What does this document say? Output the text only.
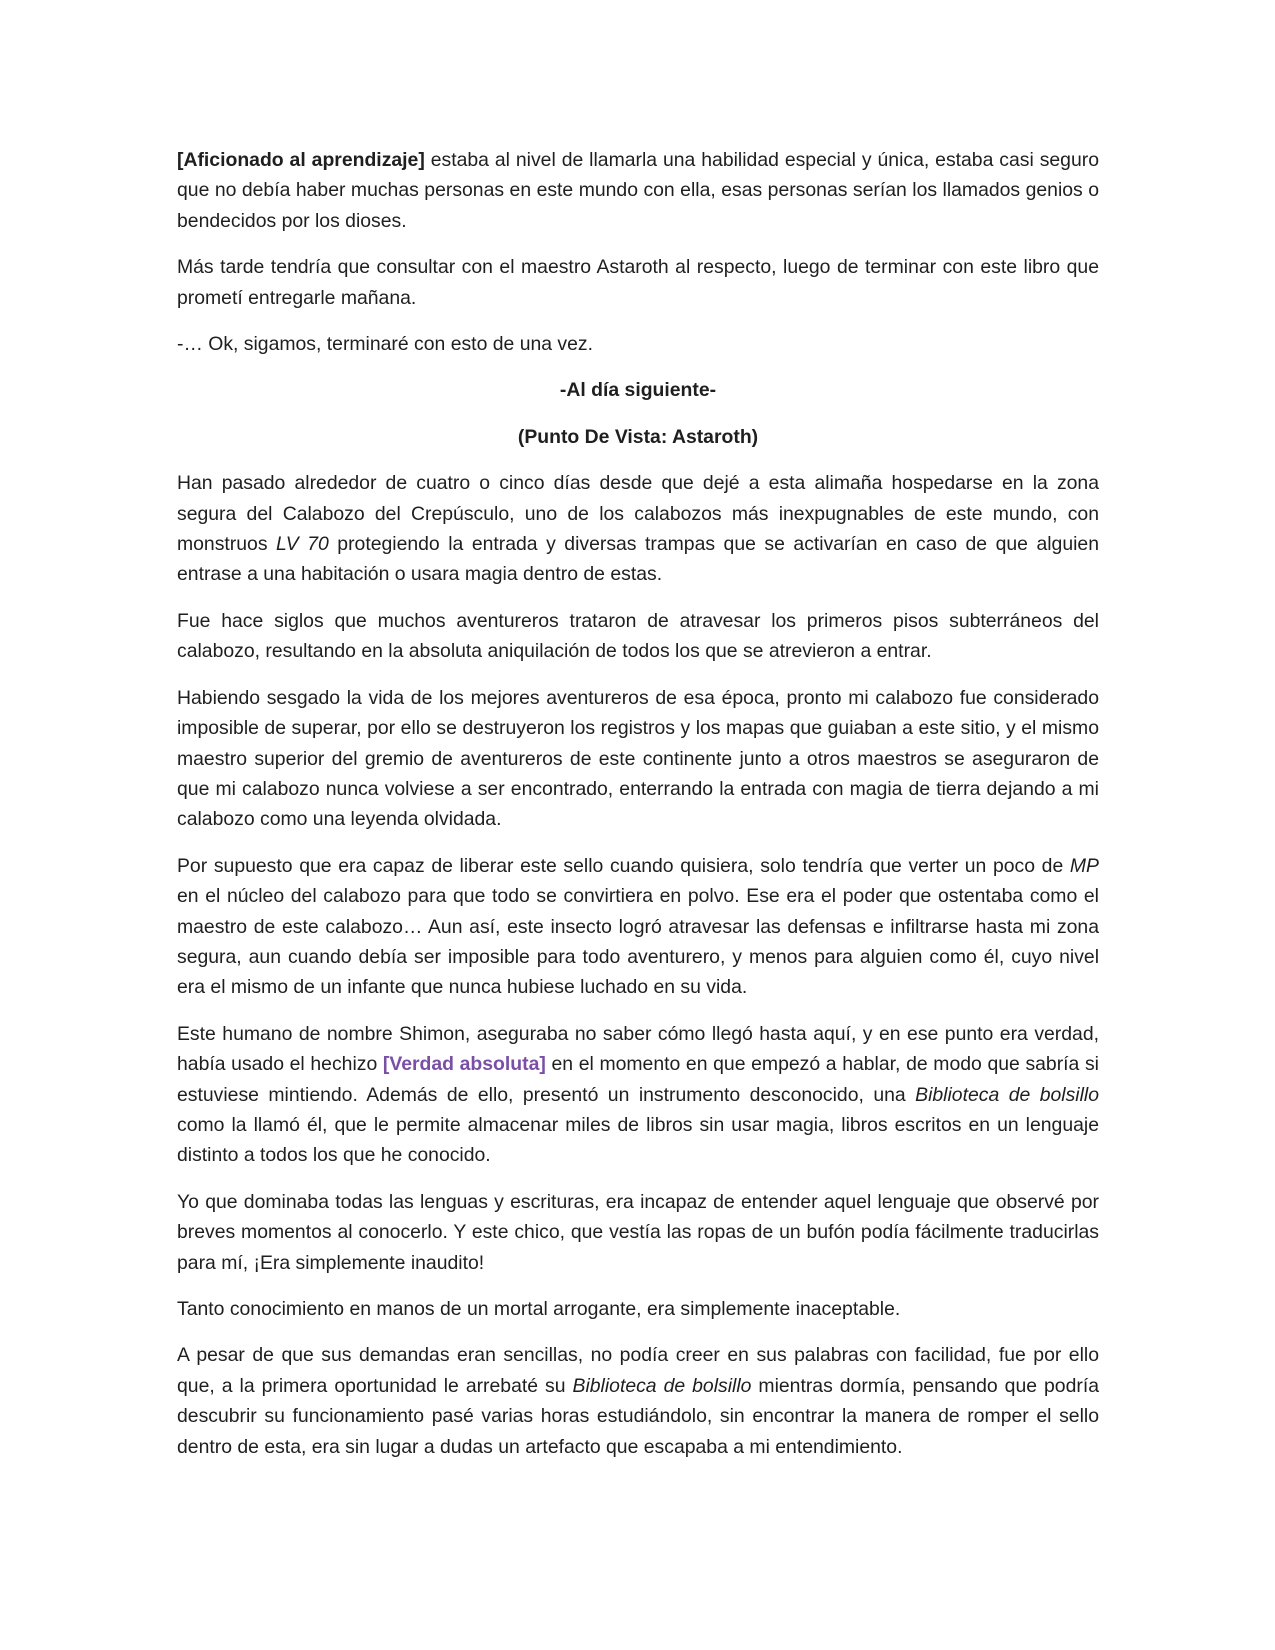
[Aficionado al aprendizaje] estaba al nivel de llamarla una habilidad especial y única, estaba casi seguro que no debía haber muchas personas en este mundo con ella, esas personas serían los llamados genios o bendecidos por los dioses.

Más tarde tendría que consultar con el maestro Astaroth al respecto, luego de terminar con este libro que prometí entregarle mañana.

-… Ok, sigamos, terminaré con esto de una vez.

-Al día siguiente-

(Punto De Vista: Astaroth)

Han pasado alrededor de cuatro o cinco días desde que dejé a esta alimaña hospedarse en la zona segura del Calabozo del Crepúsculo, uno de los calabozos más inexpugnables de este mundo, con monstruos LV 70 protegiendo la entrada y diversas trampas que se activarían en caso de que alguien entrase a una habitación o usara magia dentro de estas.

Fue hace siglos que muchos aventureros trataron de atravesar los primeros pisos subterráneos del calabozo, resultando en la absoluta aniquilación de todos los que se atrevieron a entrar.

Habiendo sesgado la vida de los mejores aventureros de esa época, pronto mi calabozo fue considerado imposible de superar, por ello se destruyeron los registros y los mapas que guiaban a este sitio, y el mismo maestro superior del gremio de aventureros de este continente junto a otros maestros se aseguraron de que mi calabozo nunca volviese a ser encontrado, enterrando la entrada con magia de tierra dejando a mi calabozo como una leyenda olvidada.

Por supuesto que era capaz de liberar este sello cuando quisiera, solo tendría que verter un poco de MP en el núcleo del calabozo para que todo se convirtiera en polvo. Ese era el poder que ostentaba como el maestro de este calabozo… Aun así, este insecto logró atravesar las defensas e infiltrarse hasta mi zona segura, aun cuando debía ser imposible para todo aventurero, y menos para alguien como él, cuyo nivel era el mismo de un infante que nunca hubiese luchado en su vida.

Este humano de nombre Shimon, aseguraba no saber cómo llegó hasta aquí, y en ese punto era verdad, había usado el hechizo [Verdad absoluta] en el momento en que empezó a hablar, de modo que sabría si estuviese mintiendo. Además de ello, presentó un instrumento desconocido, una Biblioteca de bolsillo como la llamó él, que le permite almacenar miles de libros sin usar magia, libros escritos en un lenguaje distinto a todos los que he conocido.

Yo que dominaba todas las lenguas y escrituras, era incapaz de entender aquel lenguaje que observé por breves momentos al conocerlo. Y este chico, que vestía las ropas de un bufón podía fácilmente traducirlas para mí, ¡Era simplemente inaudito!

Tanto conocimiento en manos de un mortal arrogante, era simplemente inaceptable.

A pesar de que sus demandas eran sencillas, no podía creer en sus palabras con facilidad, fue por ello que, a la primera oportunidad le arrebaté su Biblioteca de bolsillo mientras dormía, pensando que podría descubrir su funcionamiento pasé varias horas estudiándolo, sin encontrar la manera de romper el sello dentro de esta, era sin lugar a dudas un artefacto que escapaba a mi entendimiento.
